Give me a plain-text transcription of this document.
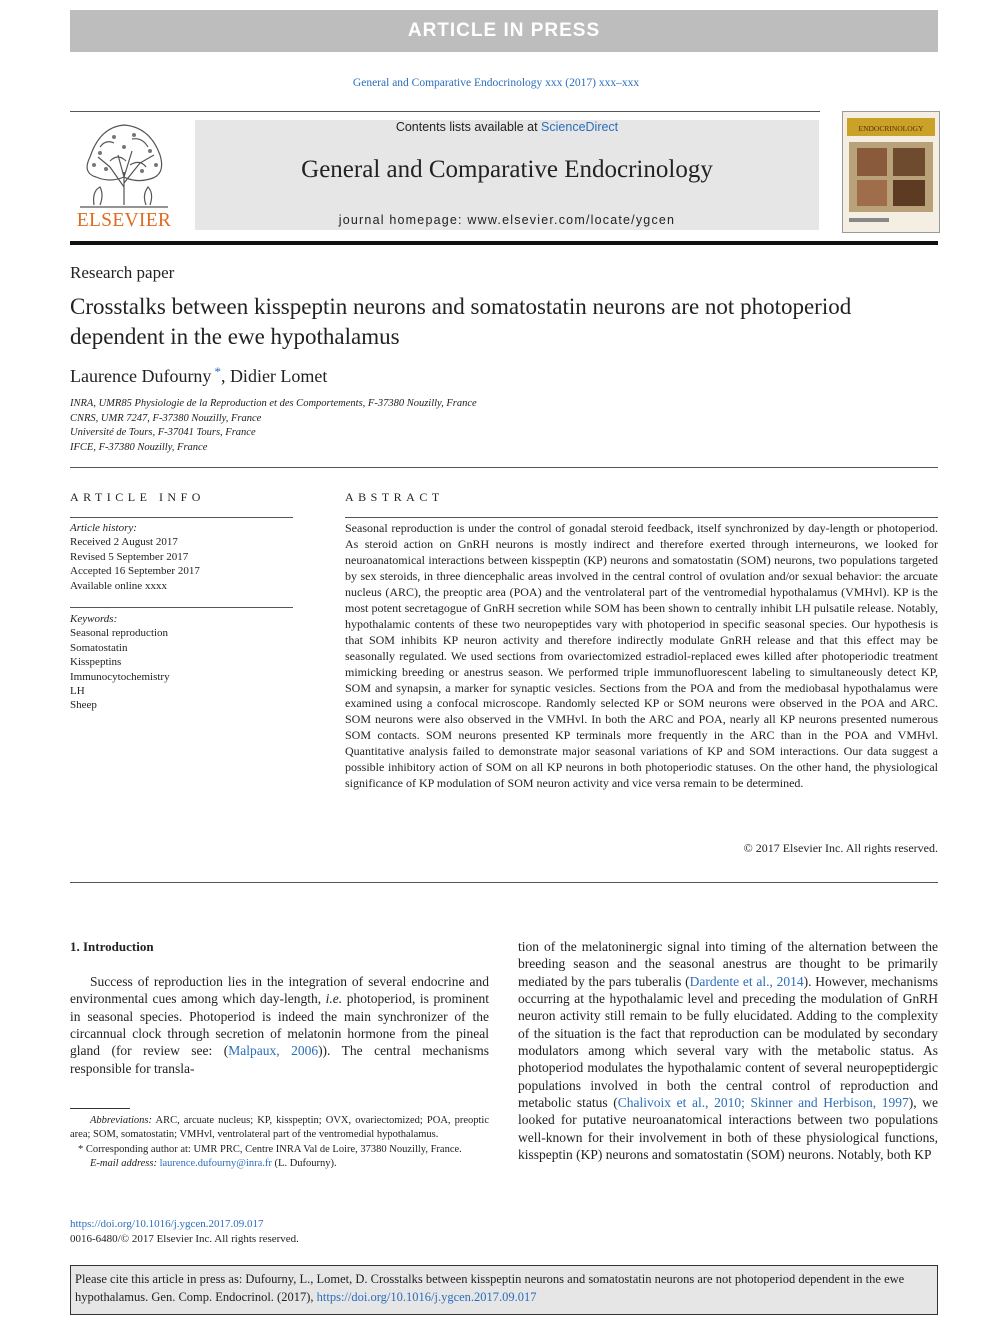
ARTICLE IN PRESS
General and Comparative Endocrinology xxx (2017) xxx–xxx
ELSEVIER
Contents lists available at ScienceDirect
General and Comparative Endocrinology
journal homepage: www.elsevier.com/locate/ygcen
ENDOCRINOLOGY
Research paper
Crosstalks between kisspeptin neurons and somatostatin neurons are not photoperiod dependent in the ewe hypothalamus
Laurence Dufourny *, Didier Lomet
INRA, UMR85 Physiologie de la Reproduction et des Comportements, F-37380 Nouzilly, France
CNRS, UMR 7247, F-37380 Nouzilly, France
Université de Tours, F-37041 Tours, France
IFCE, F-37380 Nouzilly, France
ARTICLE INFO
Article history:
Received 2 August 2017
Revised 5 September 2017
Accepted 16 September 2017
Available online xxxx
Keywords:
Seasonal reproduction
Somatostatin
Kisspeptins
Immunocytochemistry
LH
Sheep
ABSTRACT
Seasonal reproduction is under the control of gonadal steroid feedback, itself synchronized by day-length or photoperiod. As steroid action on GnRH neurons is mostly indirect and therefore exerted through interneurons, we looked for neuroanatomical interactions between kisspeptin (KP) neurons and somatostatin (SOM) neurons, two populations targeted by sex steroids, in three diencephalic areas involved in the central control of ovulation and/or sexual behavior: the arcuate nucleus (ARC), the preoptic area (POA) and the ventrolateral part of the ventromedial hypothalamus (VMHvl). KP is the most potent secretagogue of GnRH secretion while SOM has been shown to centrally inhibit LH pulsatile release. Notably, hypothalamic contents of these two neuropeptides vary with photoperiod in specific seasonal species. Our hypothesis is that SOM inhibits KP neuron activity and therefore indirectly modulate GnRH release and that this effect may be seasonally regulated. We used sections from ovariectomized estradiol-replaced ewes killed after photoperiodic treatment mimicking breeding or anestrus season. We performed triple immunofluorescent labeling to simultaneously detect KP, SOM and synapsin, a marker for synaptic vesicles. Sections from the POA and from the mediobasal hypothalamus were examined using a confocal microscope. Randomly selected KP or SOM neurons were observed in the POA and ARC. SOM neurons were also observed in the VMHvl. In both the ARC and POA, nearly all KP neurons presented numerous SOM contacts. SOM neurons presented KP terminals more frequently in the ARC than in the POA and VMHvl. Quantitative analysis failed to demonstrate major seasonal variations of KP and SOM interactions. Our data suggest a possible inhibitory action of SOM on all KP neurons in both photoperiodic statuses. On the other hand, the physiological significance of KP modulation of SOM neuron activity and vice versa remain to be determined.
© 2017 Elsevier Inc. All rights reserved.
1. Introduction
Success of reproduction lies in the integration of several endocrine and environmental cues among which day-length, i.e. photoperiod, is prominent in seasonal species. Photoperiod is indeed the main synchronizer of the circannual clock through secretion of melatonin hormone from the pineal gland (for review see: (Malpaux, 2006)). The central mechanisms responsible for transla-
tion of the melatoninergic signal into timing of the alternation between the breeding season and the seasonal anestrus are thought to be primarily mediated by the pars tuberalis (Dardente et al., 2014). However, mechanisms occurring at the hypothalamic level and preceding the modulation of GnRH neuron activity still remain to be fully elucidated. Adding to the complexity of the situation is the fact that reproduction can be modulated by secondary modulators among which several vary with the metabolic status. As photoperiod modulates the hypothalamic content of several neuropeptidergic populations involved in both the central control of reproduction and metabolic status (Chalivoix et al., 2010; Skinner and Herbison, 1997), we looked for putative neuroanatomical interactions between two populations well-known for their involvement in both of these physiological functions, kisspeptin (KP) neurons and somatostatin (SOM) neurons. Notably, both KP
Abbreviations: ARC, arcuate nucleus; KP, kisspeptin; OVX, ovariectomized; POA, preoptic area; SOM, somatostatin; VMHvl, ventrolateral part of the ventromedial hypothalamus.
* Corresponding author at: UMR PRC, Centre INRA Val de Loire, 37380 Nouzilly, France.
E-mail address: laurence.dufourny@inra.fr (L. Dufourny).
https://doi.org/10.1016/j.ygcen.2017.09.017
0016-6480/© 2017 Elsevier Inc. All rights reserved.
Please cite this article in press as: Dufourny, L., Lomet, D. Crosstalks between kisspeptin neurons and somatostatin neurons are not photoperiod dependent in the ewe hypothalamus. Gen. Comp. Endocrinol. (2017), https://doi.org/10.1016/j.ygcen.2017.09.017
